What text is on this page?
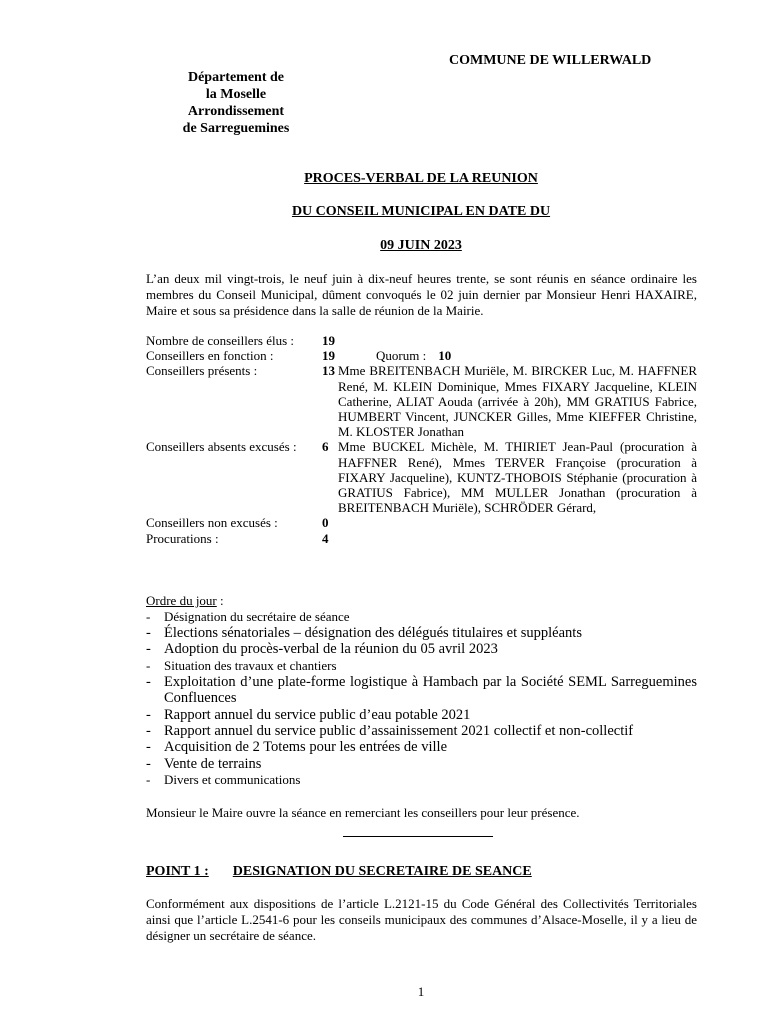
COMMUNE DE WILLERWALD
Département de
la Moselle
Arrondissement
de Sarreguemines
PROCES-VERBAL DE LA REUNION
DU CONSEIL MUNICIPAL EN DATE DU
09 JUIN 2023
L’an deux mil vingt-trois, le neuf juin à dix-neuf heures trente, se sont réunis en séance ordinaire les membres du Conseil Municipal, dûment convoqués le 02 juin dernier par Monsieur Henri HAXAIRE, Maire et sous sa présidence dans la salle de réunion de la Mairie.
Nombre de conseillers élus :	19
Conseillers en fonction :	19	Quorum : 10
Conseillers présents :	13 Mme BREITENBACH Muriële, M. BIRCKER Luc, M. HAFFNER René, M. KLEIN Dominique, Mmes FIXARY Jacqueline, KLEIN Catherine, ALIAT Aouda (arrivée à 20h), MM GRATIUS Fabrice, HUMBERT Vincent, JUNCKER Gilles, Mme KIEFFER Christine, M. KLOSTER Jonathan
Conseillers absents excusés :	6 Mme BUCKEL Michèle, M. THIRIET Jean-Paul (procuration à HAFFNER René), Mmes TERVER Françoise (procuration à FIXARY Jacqueline), KUNTZ-THOBOIS Stéphanie (procuration à GRATIUS Fabrice), MM MULLER Jonathan (procuration à BREITENBACH Muriële), SCHRÖDER Gérard,
Conseillers non excusés :	0
Procurations :	4
Ordre du jour :
- Désignation du secrétaire de séance
- Élections sénatoriales – désignation des délégués titulaires et suppléants
- Adoption du procès-verbal de la réunion du 05 avril 2023
- Situation des travaux et chantiers
- Exploitation d’une plate-forme logistique à Hambach par la Société SEML Sarreguemines Confluences
- Rapport annuel du service public d’eau potable 2021
- Rapport annuel du service public d’assainissement 2021 collectif et non-collectif
- Acquisition de 2 Totems pour les entrées de ville
- Vente de terrains
- Divers et communications
Monsieur le Maire ouvre la séance en remerciant les conseillers pour leur présence.
POINT 1 : DESIGNATION DU SECRETAIRE DE SEANCE
Conformément aux dispositions de l’article L.2121-15 du Code Général des Collectivités Territoriales ainsi que l’article L.2541-6 pour les conseils municipaux des communes d’Alsace-Moselle, il y a lieu de désigner un secrétaire de séance.
1
